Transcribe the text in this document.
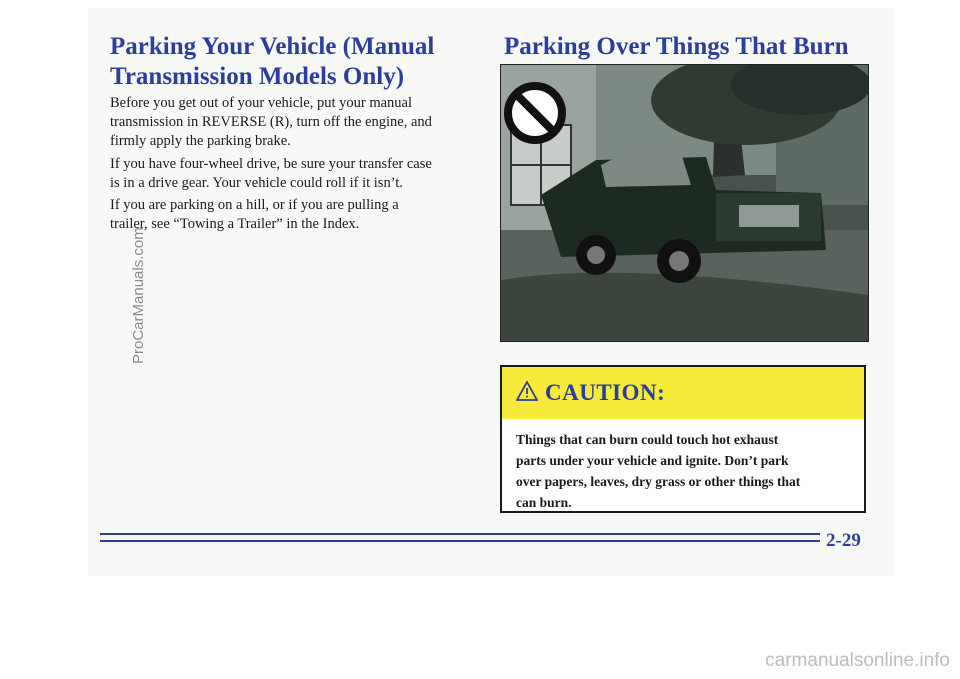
Parking Your Vehicle (Manual
Transmission Models Only)

Before you get out of your vehicle, put your manual
transmission in REVERSE (R), turn off the engine, and
firmly apply the parking brake.

If you have four-wheel drive, be sure your transfer case
is in a drive gear. Your vehicle could roll if it isn’t.

If you are parking on a hill, or if you are pulling a
trailer, see “Towing a Trailer” in the Index.

Parking Over Things That Burn
CAUTION:

Things that can burn could touch hot exhaust
parts under your vehicle and ignite. Don’t park
over papers, leaves, dry grass or other things that
can burn.

2-29
ProCarManuals.com
carmanualsonline.info
